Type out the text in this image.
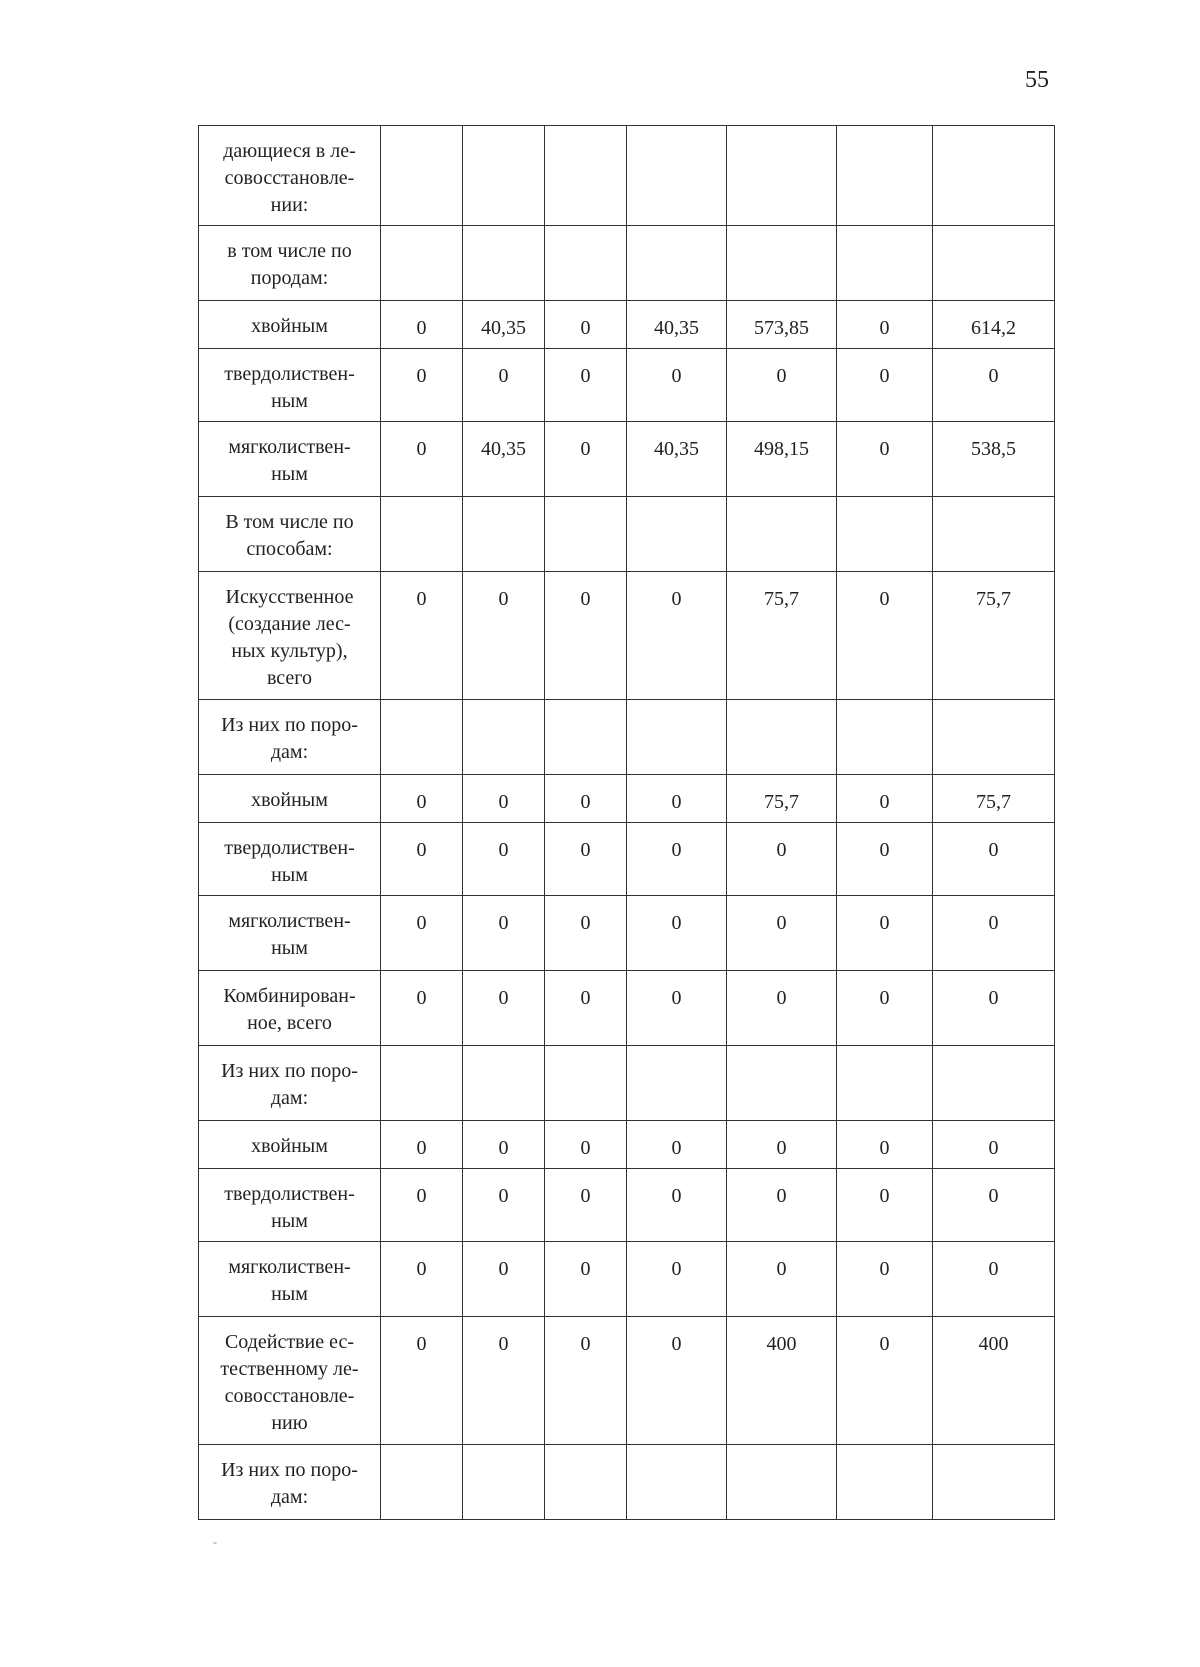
55
дающиеся в ле-
совосстановле-
нии:							
в том числе по
породам:							
хвойным	0	40,35	0	40,35	573,85	0	614,2
твердолиствен-
ным	0	0	0	0	0	0	0
мягколиствен-
ным	0	40,35	0	40,35	498,15	0	538,5
В том числе по
способам:							
Искусственное
(создание лес-
ных культур),
всего	0	0	0	0	75,7	0	75,7
Из них по поро-
дам:							
хвойным	0	0	0	0	75,7	0	75,7
твердолиствен-
ным	0	0	0	0	0	0	0
мягколиствен-
ным	0	0	0	0	0	0	0
Комбинирован-
ное, всего	0	0	0	0	0	0	0
Из них по поро-
дам:							
хвойным	0	0	0	0	0	0	0
твердолиствен-
ным	0	0	0	0	0	0	0
мягколиствен-
ным	0	0	0	0	0	0	0
Содействие ес-
тественному ле-
совосстановле-
нию	0	0	0	0	400	0	400
Из них по поро-
дам:							
-
